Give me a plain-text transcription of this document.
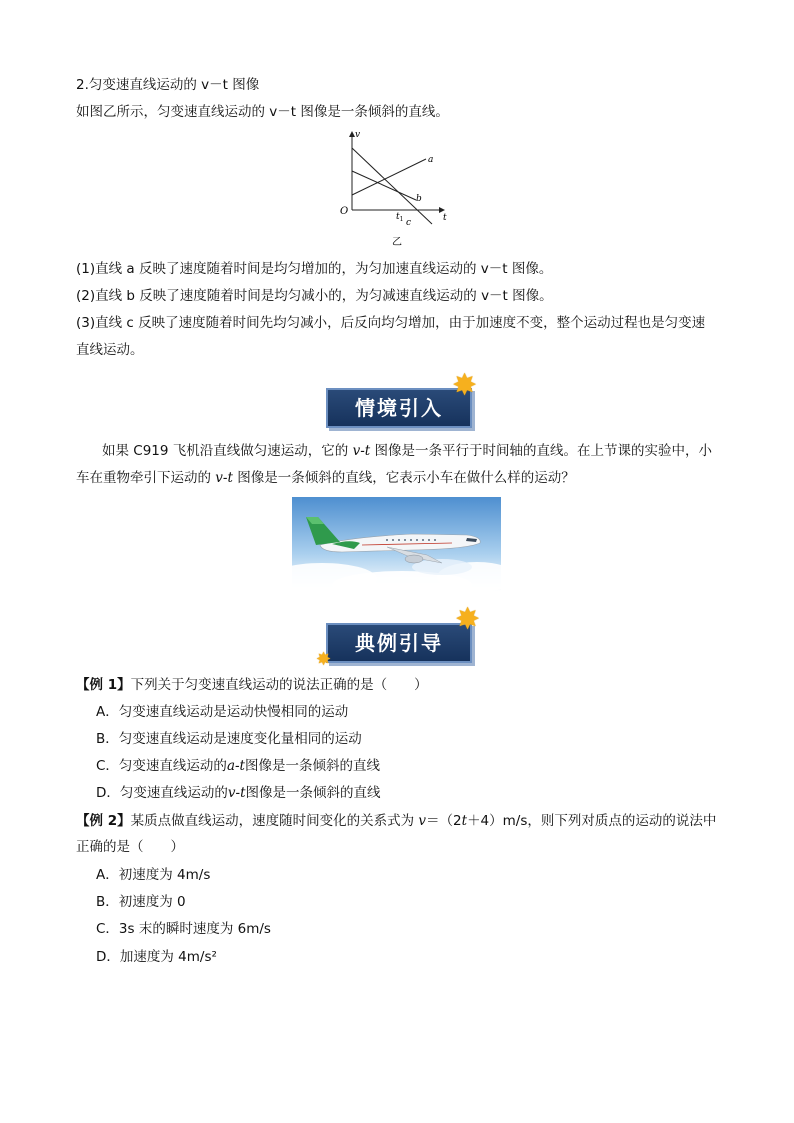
2.匀变速直线运动的 v－t 图像
如图乙所示，匀变速直线运动的 v－t 图像是一条倾斜的直线。
v
t
O
a
b
c
$t_1$
乙
(1)直线 a 反映了速度随着时间是均匀增加的，为匀加速直线运动的 v－t 图像。
(2)直线 b 反映了速度随着时间是均匀减小的，为匀减速直线运动的 v－t 图像。
(3)直线 c 反映了速度随着时间先均匀减小，后反向均匀增加，由于加速度不变，整个运动过程也是匀变速
直线运动。
情境引入
✸
如果 C919 飞机沿直线做匀速运动，它的 v-t 图像是一条平行于时间轴的直线。在上节课的实验中，小
车在重物牵引下运动的 v-t 图像是一条倾斜的直线，它表示小车在做什么样的运动？
典例引导
✸
✸
【例 1】下列关于匀变速直线运动的说法正确的是（　　）
A．匀变速直线运动是运动快慢相同的运动
B．匀变速直线运动是速度变化量相同的运动
C．匀变速直线运动的a-t图像是一条倾斜的直线
D．匀变速直线运动的v-t图像是一条倾斜的直线
【例 2】某质点做直线运动，速度随时间变化的关系式为 v＝（2t＋4）m/s，则下列对质点的运动的说法中
正确的是（　　）
A．初速度为 4m/s
B．初速度为 0
C．3s 末的瞬时速度为 6m/s
D．加速度为 4m/s²
